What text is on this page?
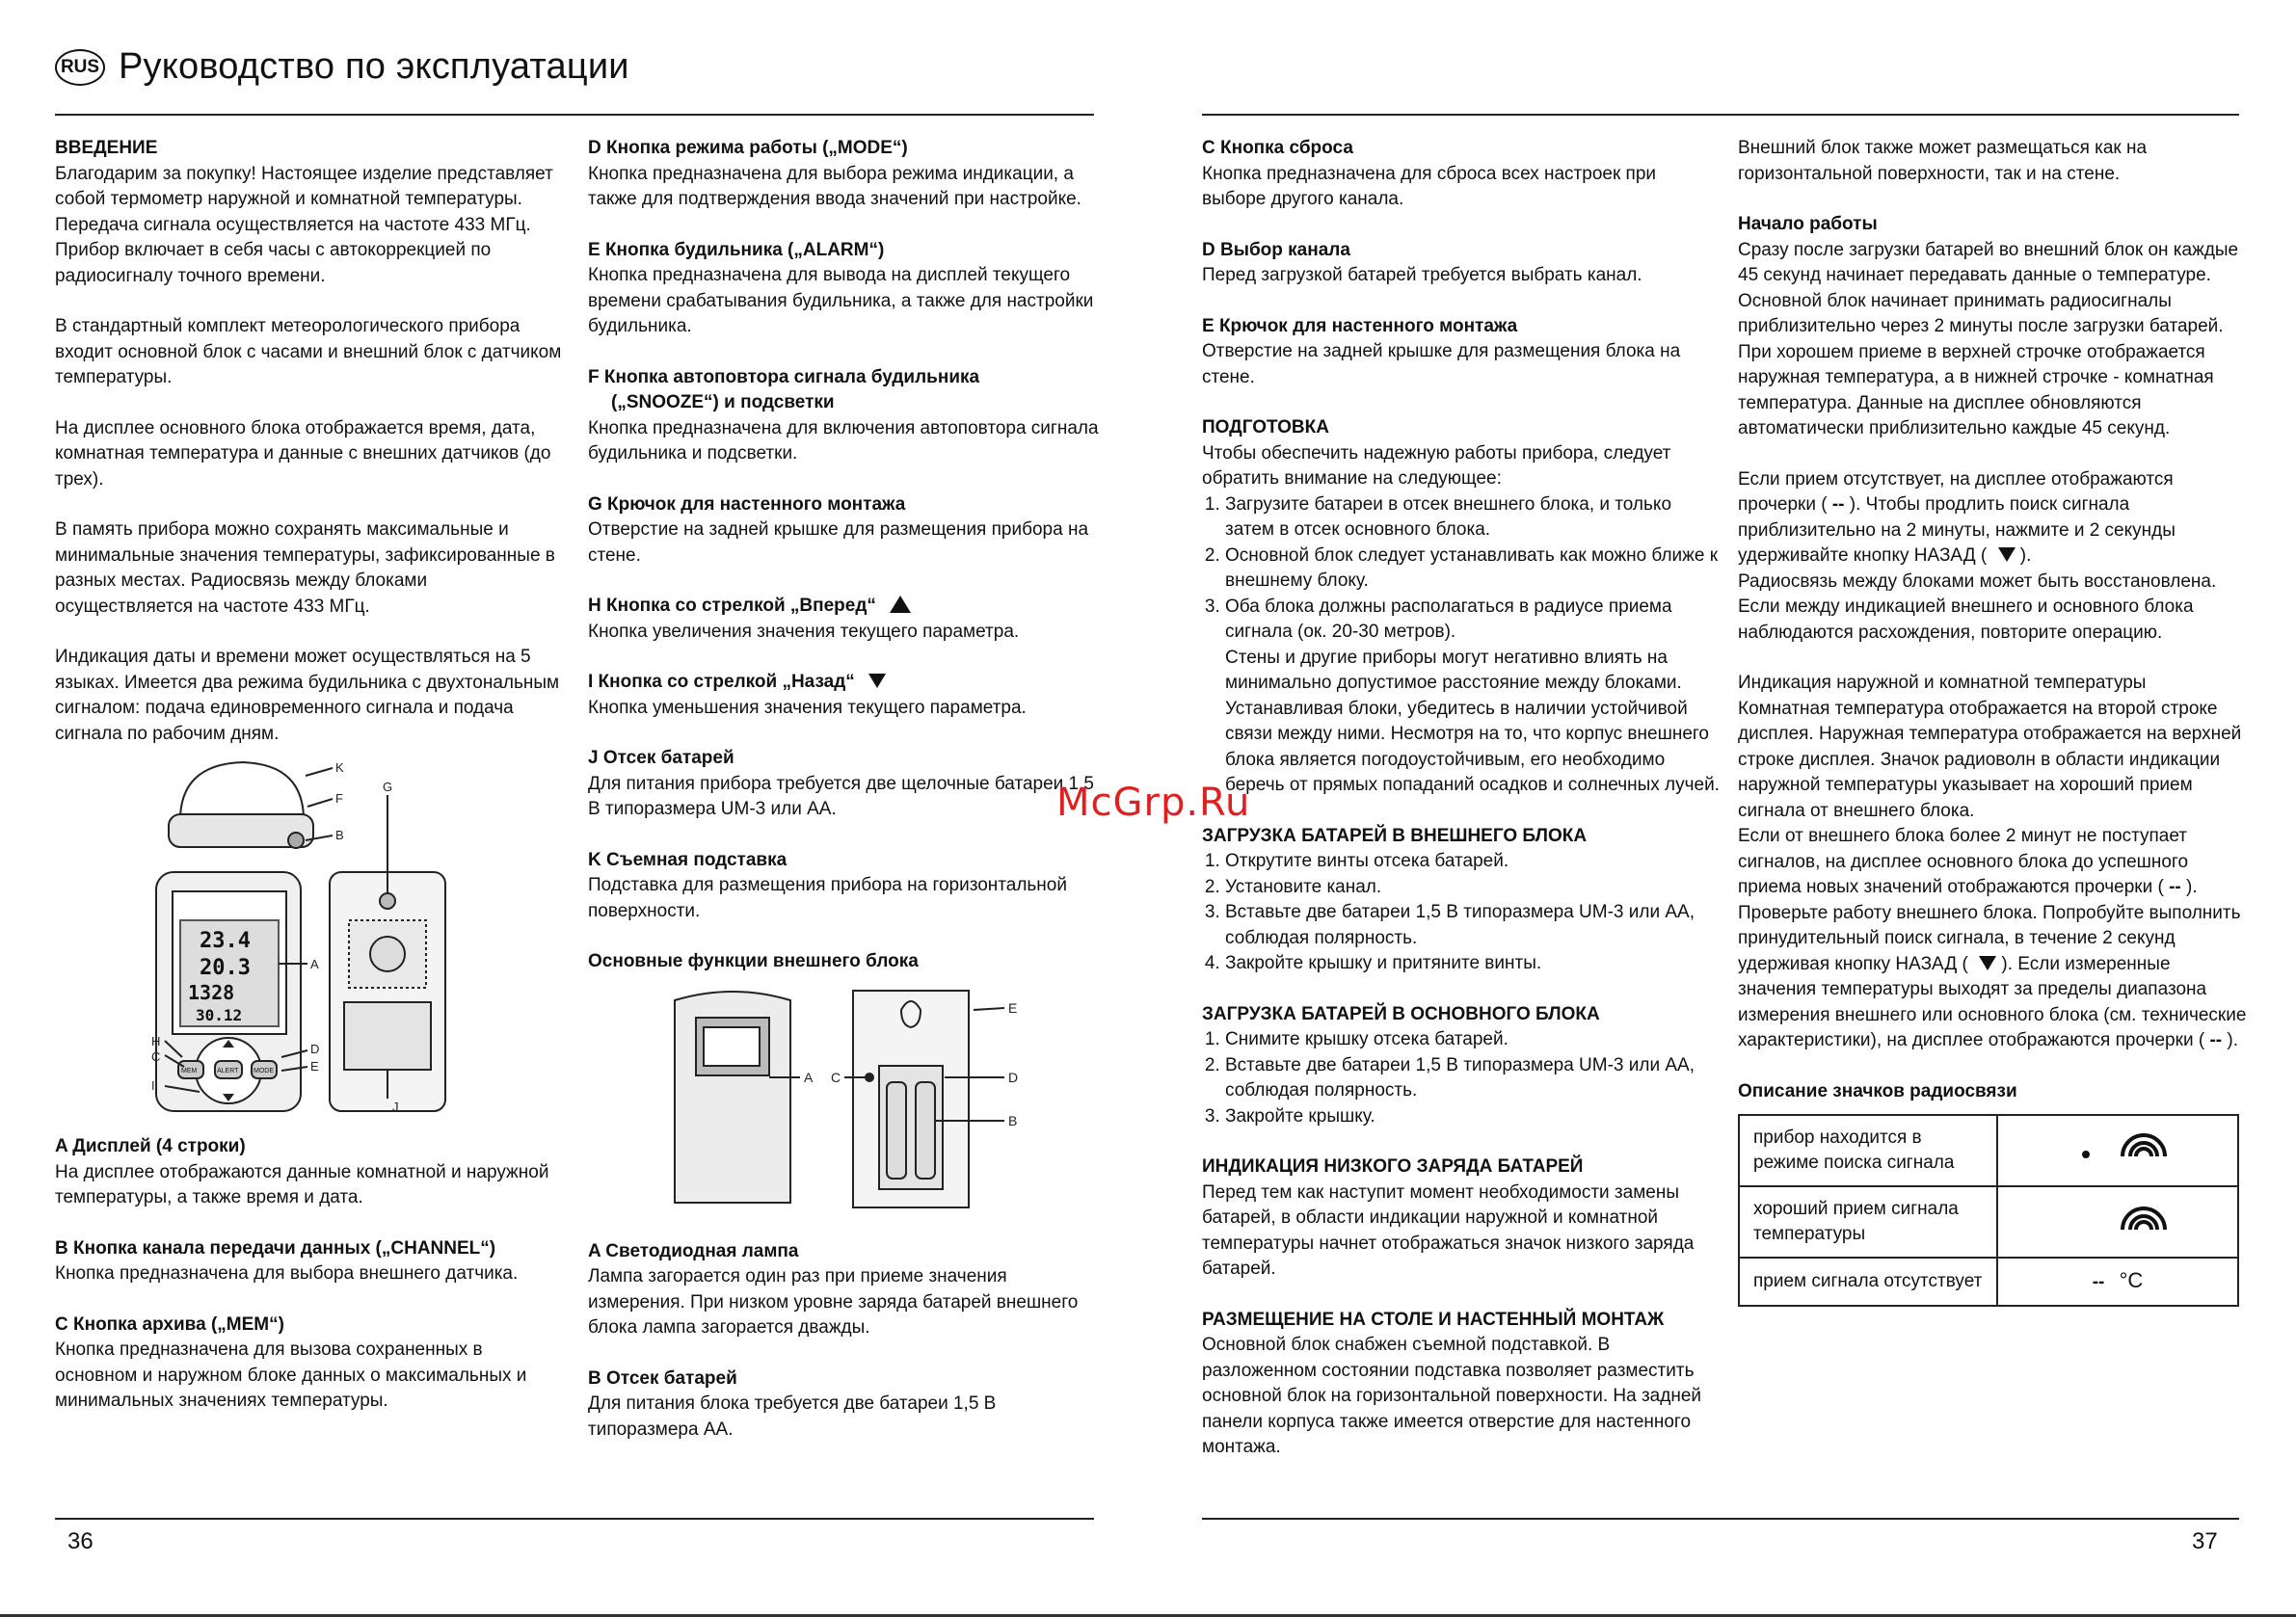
RUS Руководство по эксплуатации
ВВЕДЕНИЕ

Благодарим за покупку! Настоящее изделие представляет собой термометр наружной и комнатной температуры. Передача сигнала осуществляется на частоте 433 МГц. Прибор включает в себя часы с автокоррекцией по радиосигналу точного времени.

В стандартный комплект метеорологического прибора входит основной блок с часами и внешний блок с датчиком температуры.

На дисплее основного блока отображается время, дата, комнатная температура и данные с внешних датчиков (до трех).

В память прибора можно сохранять максимальные и минимальные значения температуры, зафиксированные в разных местах. Радиосвязь между блоками осуществляется на частоте 433 МГц.

Индикация даты и времени может осуществляться на 5 языках. Имеется два режима будильника с двухтональным сигналом: подача единовременного сигнала и подача сигнала по рабочим дням.

K
F
B
G
A
H
C
D
E
I
J
23.4
20.3
1328
30.12
MEM	ALERT MODE
A Дисплей (4 строки)
На дисплее отображаются данные комнатной и наружной температуры, а также время и дата.
B Кнопка канала передачи данных („CHANNEL“)
Кнопка предназначена для выбора внешнего датчика.
C Кнопка архива („MEM“)
Кнопка предназначена для вызова сохраненных в основном и наружном блоке данных о максимальных и минимальных значениях температуры.
D Кнопка режима работы („MODE“)
Кнопка предназначена для выбора режима индикации, а также для подтверждения ввода значений при настройке.
E Кнопка будильника („ALARM“)
Кнопка предназначена для вывода на дисплей текущего времени срабатывания будильника, а также для настройки будильника.
F Кнопка автоповтора сигнала будильника
(„SNOOZE“) и подсветки
Кнопка предназначена для включения автоповтора сигнала будильника и подсветки.
G Крючок для настенного монтажа
Отверстие на задней крышке для размещения прибора на стене.
H Кнопка со стрелкой „Вперед“
Кнопка увеличения значения текущего параметра.
I Кнопка со стрелкой „Назад“
Кнопка уменьшения значения текущего параметра.
J Отсек батарей
Для питания прибора требуется две щелочные батареи 1,5 В типоразмера UM-3 или AA.
K Съемная подставка
Подставка для размещения прибора на горизонтальной поверхности.
Основные функции внешнего блока
A C
E
D
B
A Светодиодная лампа
Лампа загорается один раз при приеме значения измерения. При низком уровне заряда батарей внешнего блока лампа загорается дважды.
B Отсек батарей
Для питания блока требуется две батареи 1,5 В типоразмера AA.
36
C Кнопка сброса
Кнопка предназначена для сброса всех настроек при выборе другого канала.
D Выбор канала
Перед загрузкой батарей требуется выбрать канал.
E Крючок для настенного монтажа
Отверстие на задней крышке для размещения блока на стене.
ПОДГОТОВКА
Чтобы обеспечить надежную работы прибора, следует обратить внимание на следующее:
1. Загрузите батареи в отсек внешнего блока, и только затем в отсек основного блока.
2. Основной блок следует устанавливать как можно ближе к внешнему блоку.
3. Оба блока должны располагаться в радиусе приема сигнала (ок. 20-30 метров).
Стены и другие приборы могут негативно влиять на минимально допустимое расстояние между блоками. Устанавливая блоки, убедитесь в наличии устойчивой связи между ними. Несмотря на то, что корпус внешнего блока является погодоустойчивым, его необходимо беречь от прямых попаданий осадков и солнечных лучей.
ЗАГРУЗКА БАТАРЕЙ В ВНЕШНЕГО БЛОКА
1. Открутите винты отсека батарей.
2. Установите канал.
3. Вставьте две батареи 1,5 В типоразмера UM-3 или AA, соблюдая полярность.
4. Закройте крышку и притяните винты.
ЗАГРУЗКА БАТАРЕЙ В ОСНОВНОГО БЛОКА
1. Снимите крышку отсека батарей.
2. Вставьте две батареи 1,5 В типоразмера UM-3 или AA, соблюдая полярность.
3. Закройте крышку.
ИНДИКАЦИЯ НИЗКОГО ЗАРЯДА БАТАРЕЙ
Перед тем как наступит момент необходимости замены батарей, в области индикации наружной и комнатной температуры начнет отображаться значок низкого заряда батарей.
РАЗМЕЩЕНИЕ НА СТОЛЕ И НАСТЕННЫЙ МОНТАЖ
Основной блок снабжен съемной подставкой. В разложенном состоянии подставка позволяет разместить основной блок на горизонтальной поверхности. На задней панели корпуса также имеется отверстие для настенного монтажа.

Внешний блок также может размещаться как на горизонтальной поверхности, так и на стене.

Начало работы
Сразу после загрузки батарей во внешний блок он каждые 45 секунд начинает передавать данные о температуре. Основной блок начинает принимать радиосигналы приблизительно через 2 минуты после загрузки батарей. При хорошем приеме в верхней строчке отображается наружная температура, а в нижней строчке - комнатная температура. Данные на дисплее обновляются автоматически приблизительно каждые 45 секунд.
Если прием отсутствует, на дисплее отображаются прочерки ( -- ). Чтобы продлить поиск сигнала приблизительно на 2 минуты, нажмите и 2 секунды удерживайте кнопку НАЗАД ( ).
Радиосвязь между блоками может быть восстановлена. Если между индикацией внешнего и основного блока наблюдаются расхождения, повторите операцию.
Индикация наружной и комнатной температуры
Комнатная температура отображается на второй строке дисплея. Наружная температура отображается на верхней строке дисплея. Значок радиоволн в области индикации наружной температуры указывает на хороший прием сигнала от внешнего блока.
Если от внешнего блока более 2 минут не поступает сигналов, на дисплее основного блока до успешного приема новых значений отображаются прочерки ( -- ). Проверьте работу внешнего блока. Попробуйте выполнить принудительный поиск сигнала, в течение 2 секунд удерживая кнопку НАЗАД ( ). Если измеренные значения температуры выходят за пределы диапазона измерения внешнего или основного блока (см. технические характеристики), на дисплее отображаются прочерки ( -- ).
Описание значков радиосвязи
прибор находится в режиме поиска сигнала	
хороший прием сигнала температуры	
прием сигнала отсутствует	-- °C
37
McGrp.Ru
